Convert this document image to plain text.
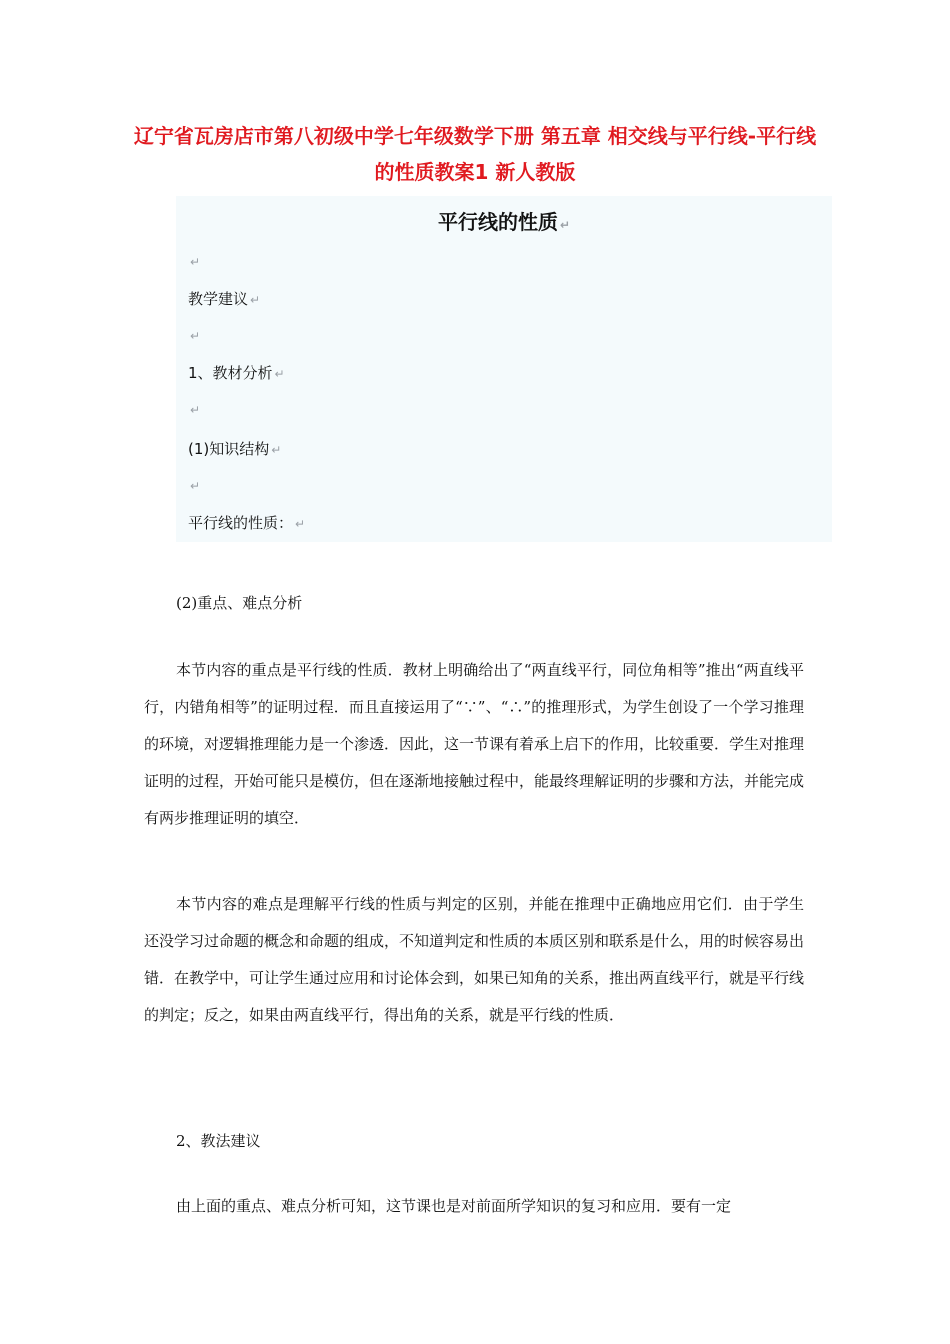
辽宁省瓦房店市第八初级中学七年级数学下册 第五章 相交线与平行线-平行线的性质教案1 新人教版
平行线的性质 ↵
↵
教学建议 ↵
↵
1、教材分析 ↵
↵
(1)知识结构 ↵
↵
平行线的性质： ↵
(2)重点、难点分析

本节内容的重点是平行线的性质．教材上明确给出了“两直线平行，同位角相等”推出“两直线平行，内错角相等”的证明过程．而且直接运用了“∵”、“∴”的推理形式，为学生创设了一个学习推理的环境，对逻辑推理能力是一个渗透．因此，这一节课有着承上启下的作用，比较重要．学生对推理证明的过程，开始可能只是模仿，但在逐渐地接触过程中，能最终理解证明的步骤和方法，并能完成有两步推理证明的填空．

本节内容的难点是理解平行线的性质与判定的区别，并能在推理中正确地应用它们．由于学生还没学习过命题的概念和命题的组成，不知道判定和性质的本质区别和联系是什么，用的时候容易出错．在教学中，可让学生通过应用和讨论体会到，如果已知角的关系，推出两直线平行，就是平行线的判定；反之，如果由两直线平行，得出角的关系，就是平行线的性质．

2、教法建议

由上面的重点、难点分析可知，这节课也是对前面所学知识的复习和应用．要有一定
